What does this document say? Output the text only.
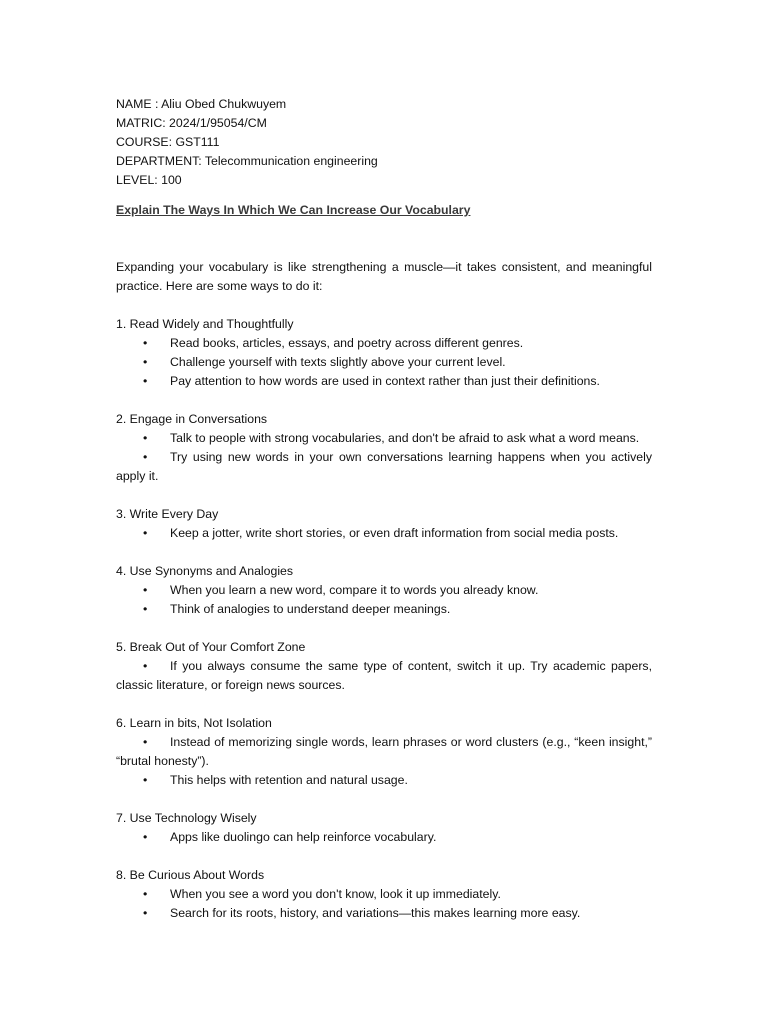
NAME : Aliu Obed Chukwuyem
MATRIC: 2024/1/95054/CM
COURSE: GST111
DEPARTMENT: Telecommunication engineering
LEVEL: 100
Explain The Ways In Which We Can Increase Our Vocabulary
Expanding your vocabulary is like strengthening a muscle—it takes consistent, and meaningful practice. Here are some ways to do it:
1. Read Widely and Thoughtfully
• Read books, articles, essays, and poetry across different genres.
• Challenge yourself with texts slightly above your current level.
• Pay attention to how words are used in context rather than just their definitions.
2. Engage in Conversations
• Talk to people with strong vocabularies, and don't be afraid to ask what a word means.
• Try using new words in your own conversations learning happens when you actively apply it.
3. Write Every Day
• Keep a jotter, write short stories, or even draft information from social media posts.
4. Use Synonyms and Analogies
• When you learn a new word, compare it to words you already know.
• Think of analogies to understand deeper meanings.
5. Break Out of Your Comfort Zone
• If you always consume the same type of content, switch it up. Try academic papers, classic literature, or foreign news sources.
6. Learn in bits, Not Isolation
• Instead of memorizing single words, learn phrases or word clusters (e.g., “keen insight,” “brutal honesty”).
• This helps with retention and natural usage.
7. Use Technology Wisely
• Apps like duolingo can help reinforce vocabulary.
8. Be Curious About Words
• When you see a word you don't know, look it up immediately.
• Search for its roots, history, and variations—this makes learning more easy.
